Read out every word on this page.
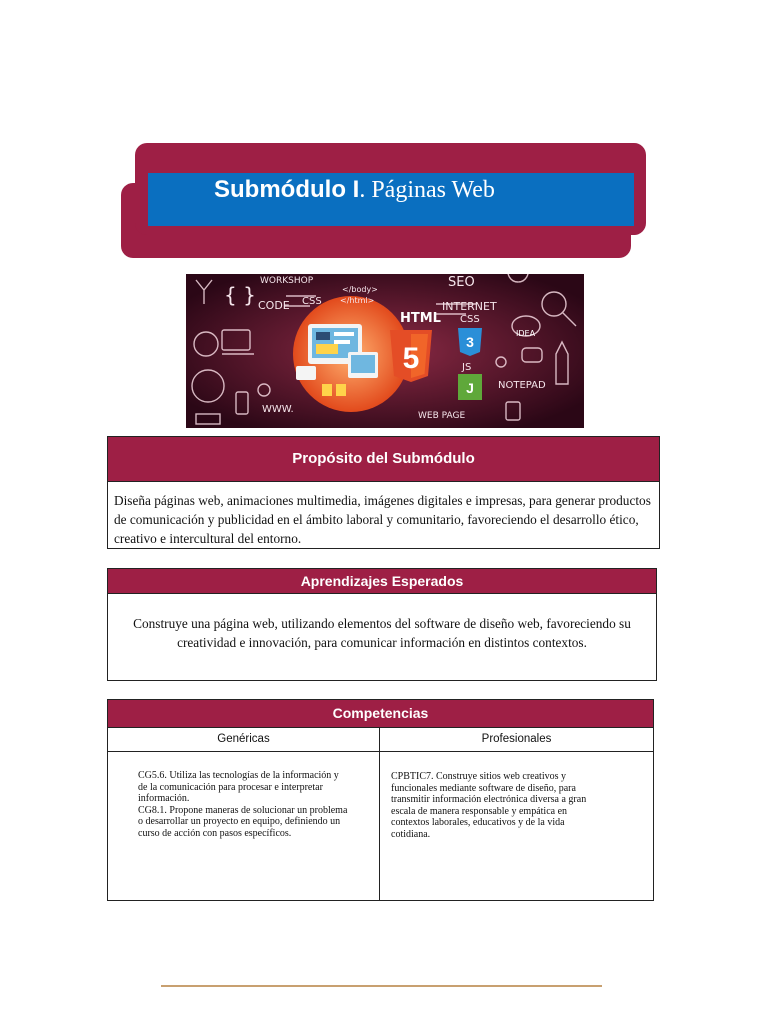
Submódulo I. Páginas Web
5	3
J
WORKSHOP
CODE CSS
</body>
</html>
SEO
INTERNET
CSS
HTML
JS
IDEA
NOTEPAD
WWW.
WEB PAGE
{ }
Propósito del Submódulo
Diseña páginas web, animaciones multimedia, imágenes digitales e impresas, para generar productos de comunicación y publicidad en el ámbito laboral y comunitario, favoreciendo el desarrollo ético, creativo e intercultural del entorno.
Aprendizajes Esperados
Construye una página web, utilizando elementos del software de diseño web, favoreciendo su
creatividad e innovación, para comunicar información en distintos contextos.
Competencias
Genéricas	Profesionales
CG5.6. Utiliza las tecnologías de la información y de la comunicación para procesar e interpretar información.
CG8.1. Propone maneras de solucionar un problema o desarrollar un proyecto en equipo, definiendo un curso de acción con pasos específicos.
CPBTIC7. Construye sitios web creativos y funcionales mediante software de diseño, para transmitir información electrónica diversa a gran escala de manera responsable y empática en contextos laborales, educativos y de la vida cotidiana.
